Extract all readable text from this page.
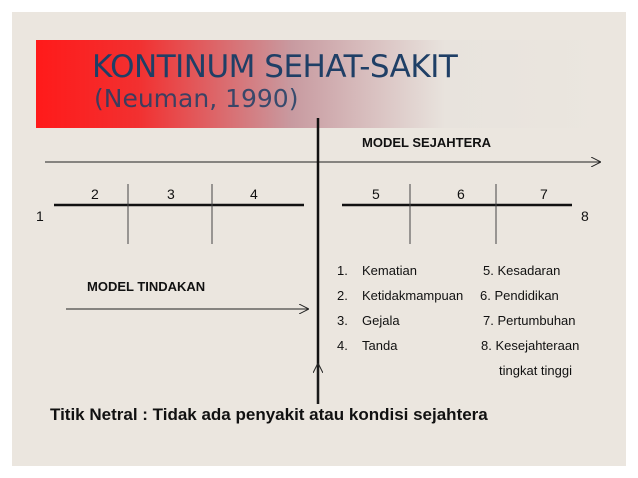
KONTINUM SEHAT-SAKIT
(Neuman, 1990)
MODEL SEJAHTERA
MODEL TINDAKAN
1
2	3	4	5	6	7
8
1. Kematian	5. Kesadaran
2. Ketidakmampuan 6. Pendidikan
3. Gejala	7. Pertumbuhan
4. Tanda	8. Kesejahteraan
tingkat tinggi
Titik Netral : Tidak ada penyakit atau kondisi sejahtera
